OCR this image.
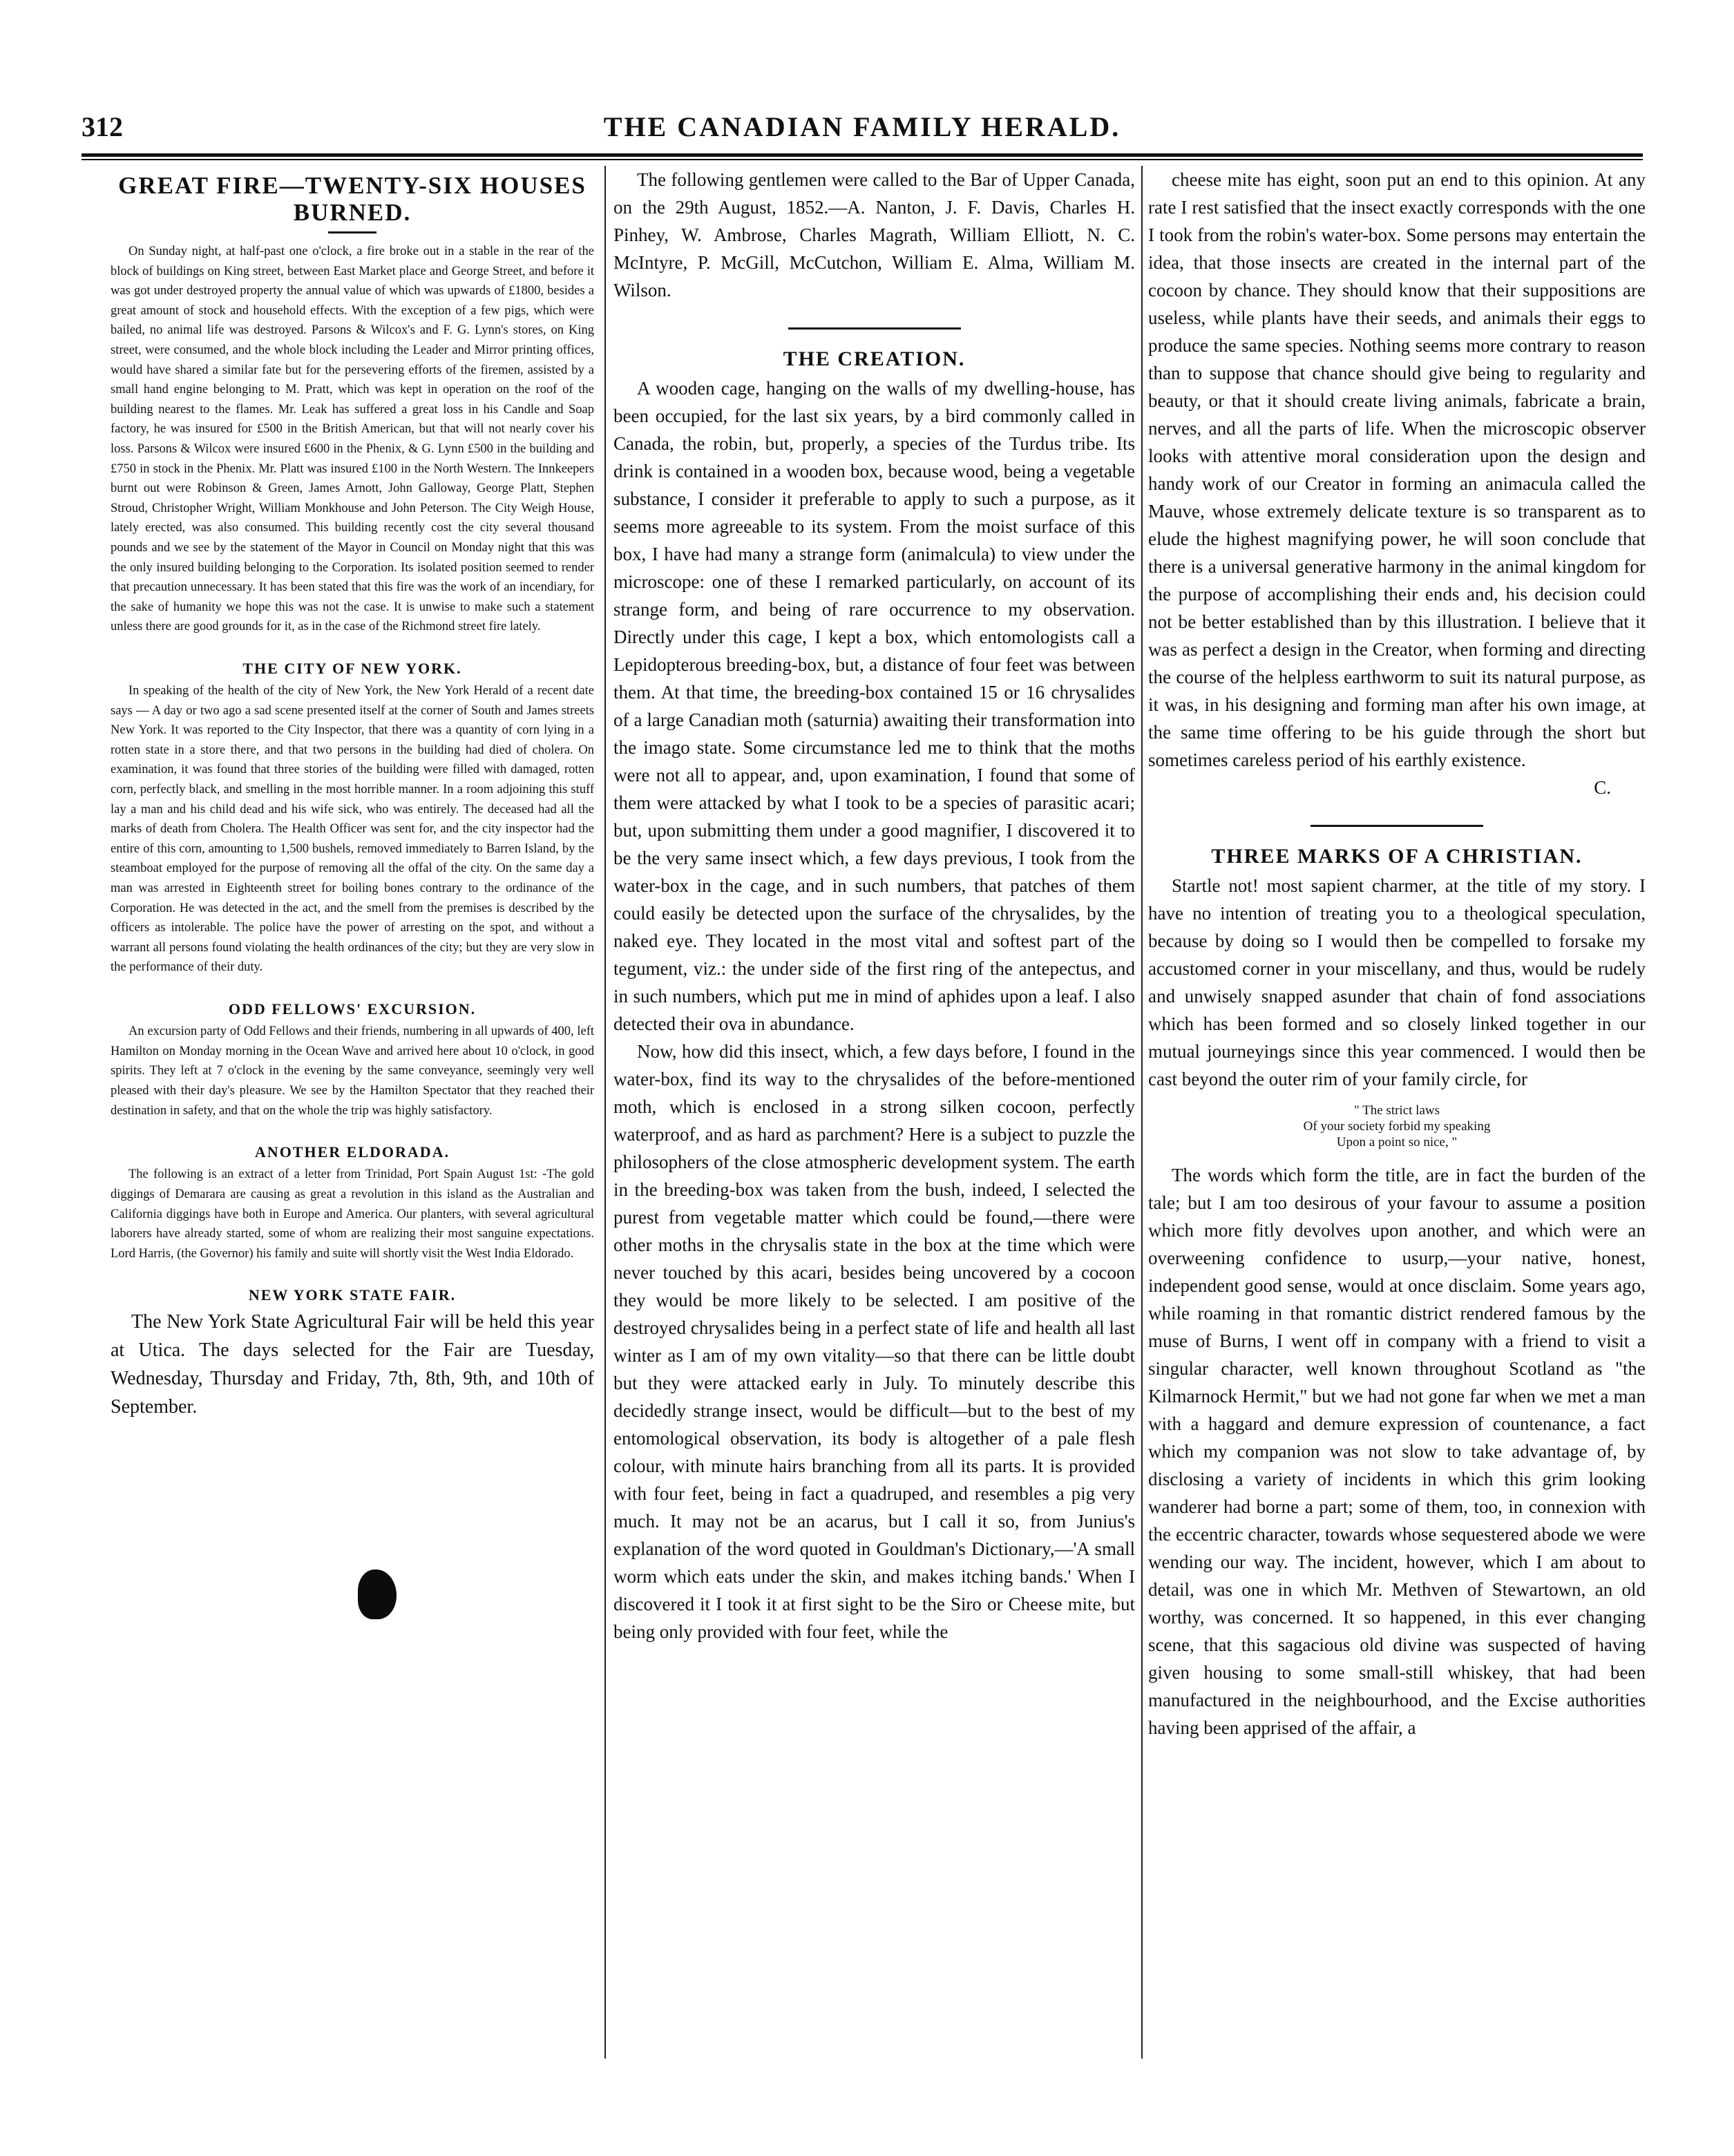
312	THE CANADIAN FAMILY HERALD.
GREAT FIRE—TWENTY-SIX HOUSES BURNED.

On Sunday night, at half-past one o'clock, a fire broke out in a stable in the rear of the block of buildings on King street, between East Market place and George Street, and before it was got under destroyed property the annual value of which was upwards of £1800, besides a great amount of stock and household effects. With the exception of a few pigs, which were bailed, no animal life was destroyed. Parsons & Wilcox's and F. G. Lynn's stores, on King street, were consumed, and the whole block including the Leader and Mirror printing offices, would have shared a similar fate but for the persevering efforts of the firemen, assisted by a small hand engine belonging to M. Pratt, which was kept in operation on the roof of the building nearest to the flames. Mr. Leak has suffered a great loss in his Candle and Soap factory, he was insured for £500 in the British American, but that will not nearly cover his loss. Parsons & Wilcox were insured £600 in the Phenix, & G. Lynn £500 in the building and £750 in stock in the Phenix. Mr. Platt was insured £100 in the North Western. The Innkeepers burnt out were Robinson & Green, James Arnott, John Galloway, George Platt, Stephen Stroud, Christopher Wright, William Monkhouse and John Peterson. The City Weigh House, lately erected, was also consumed. This building recently cost the city several thousand pounds and we see by the statement of the Mayor in Council on Monday night that this was the only insured building belonging to the Corporation. Its isolated position seemed to render that precaution unnecessary. It has been stated that this fire was the work of an incendiary, for the sake of humanity we hope this was not the case. It is unwise to make such a statement unless there are good grounds for it, as in the case of the Richmond street fire lately.

THE CITY OF NEW YORK.

In speaking of the health of the city of New York, the New York Herald of a recent date says — A day or two ago a sad scene presented itself at the corner of South and James streets New York. It was reported to the City Inspector, that there was a quantity of corn lying in a rotten state in a store there, and that two persons in the building had died of cholera. On examination, it was found that three stories of the building were filled with damaged, rotten corn, perfectly black, and smelling in the most horrible manner. In a room adjoining this stuff lay a man and his child dead and his wife sick, who was entirely. The deceased had all the marks of death from Cholera. The Health Officer was sent for, and the city inspector had the entire of this corn, amounting to 1,500 bushels, removed immediately to Barren Island, by the steamboat employed for the purpose of removing all the offal of the city. On the same day a man was arrested in Eighteenth street for boiling bones contrary to the ordinance of the Corporation. He was detected in the act, and the smell from the premises is described by the officers as intolerable. The police have the power of arresting on the spot, and without a warrant all persons found violating the health ordinances of the city; but they are very slow in the performance of their duty.

ODD FELLOWS' EXCURSION.

An excursion party of Odd Fellows and their friends, numbering in all upwards of 400, left Hamilton on Monday morning in the Ocean Wave and arrived here about 10 o'clock, in good spirits. They left at 7 o'clock in the evening by the same conveyance, seemingly very well pleased with their day's pleasure. We see by the Hamilton Spectator that they reached their destination in safety, and that on the whole the trip was highly satisfactory.

ANOTHER ELDORADA.

The following is an extract of a letter from Trinidad, Port Spain August 1st: -The gold diggings of Demarara are causing as great a revolution in this island as the Australian and California diggings have both in Europe and America. Our planters, with several agricultural laborers have already started, some of whom are realizing their most sanguine expectations. Lord Harris, (the Governor) his family and suite will shortly visit the West India Eldorado.

NEW YORK STATE FAIR.

The New York State Agricultural Fair will be held this year at Utica. The days selected for the Fair are Tuesday, Wednesday, Thursday and Friday, 7th, 8th, 9th, and 10th of September.

The following gentlemen were called to the Bar of Upper Canada, on the 29th August, 1852.—A. Nanton, J. F. Davis, Charles H. Pinhey, W. Ambrose, Charles Magrath, William Elliott, N. C. McIntyre, P. McGill, McCutchon, William E. Alma, William M. Wilson.

THE CREATION.

A wooden cage, hanging on the walls of my dwelling-house, has been occupied, for the last six years, by a bird commonly called in Canada, the robin, but, properly, a species of the Turdus tribe. Its drink is contained in a wooden box, because wood, being a vegetable substance, I consider it preferable to apply to such a purpose, as it seems more agreeable to its system. From the moist surface of this box, I have had many a strange form (animalcula) to view under the microscope: one of these I remarked particularly, on account of its strange form, and being of rare occurrence to my observation. Directly under this cage, I kept a box, which entomologists call a Lepidopterous breeding-box, but, a distance of four feet was between them. At that time, the breeding-box contained 15 or 16 chrysalides of a large Canadian moth (saturnia) awaiting their transformation into the imago state. Some circumstance led me to think that the moths were not all to appear, and, upon examination, I found that some of them were attacked by what I took to be a species of parasitic acari; but, upon submitting them under a good magnifier, I discovered it to be the very same insect which, a few days previous, I took from the water-box in the cage, and in such numbers, that patches of them could easily be detected upon the surface of the chrysalides, by the naked eye. They located in the most vital and softest part of the tegument, viz.: the under side of the first ring of the antepectus, and in such numbers, which put me in mind of aphides upon a leaf. I also detected their ova in abundance.

Now, how did this insect, which, a few days before, I found in the water-box, find its way to the chrysalides of the before-mentioned moth, which is enclosed in a strong silken cocoon, perfectly waterproof, and as hard as parchment? Here is a subject to puzzle the philosophers of the close atmospheric development system. The earth in the breeding-box was taken from the bush, indeed, I selected the purest from vegetable matter which could be found,—there were other moths in the chrysalis state in the box at the time which were never touched by this acari, besides being uncovered by a cocoon they would be more likely to be selected. I am positive of the destroyed chrysalides being in a perfect state of life and health all last winter as I am of my own vitality—so that there can be little doubt but they were attacked early in July. To minutely describe this decidedly strange insect, would be difficult—but to the best of my entomological observation, its body is altogether of a pale flesh colour, with minute hairs branching from all its parts. It is provided with four feet, being in fact a quadruped, and resembles a pig very much. It may not be an acarus, but I call it so, from Junius's explanation of the word quoted in Gouldman's Dictionary,—'A small worm which eats under the skin, and makes itching bands.' When I discovered it I took it at first sight to be the Siro or Cheese mite, but being only provided with four feet, while the

cheese mite has eight, soon put an end to this opinion. At any rate I rest satisfied that the insect exactly corresponds with the one I took from the robin's water-box. Some persons may entertain the idea, that those insects are created in the internal part of the cocoon by chance. They should know that their suppositions are useless, while plants have their seeds, and animals their eggs to produce the same species. Nothing seems more contrary to reason than to suppose that chance should give being to regularity and beauty, or that it should create living animals, fabricate a brain, nerves, and all the parts of life. When the microscopic observer looks with attentive moral consideration upon the design and handy work of our Creator in forming an animacula called the Mauve, whose extremely delicate texture is so transparent as to elude the highest magnifying power, he will soon conclude that there is a universal generative harmony in the animal kingdom for the purpose of accomplishing their ends and, his decision could not be better established than by this illustration. I believe that it was as perfect a design in the Creator, when forming and directing the course of the helpless earthworm to suit its natural purpose, as it was, in his designing and forming man after his own image, at the same time offering to be his guide through the short but sometimes careless period of his earthly existence.

C.
THREE MARKS OF A CHRISTIAN.

Startle not! most sapient charmer, at the title of my story. I have no intention of treating you to a theological speculation, because by doing so I would then be compelled to forsake my accustomed corner in your miscellany, and thus, would be rudely and unwisely snapped asunder that chain of fond associations which has been formed and so closely linked together in our mutual journeyings since this year commenced. I would then be cast beyond the outer rim of your family circle, for

" The strict laws
Of your society forbid my speaking
Upon a point so nice, "

The words which form the title, are in fact the burden of the tale; but I am too desirous of your favour to assume a position which more fitly devolves upon another, and which were an overweening confidence to usurp,—your native, honest, independent good sense, would at once disclaim. Some years ago, while roaming in that romantic district rendered famous by the muse of Burns, I went off in company with a friend to visit a singular character, well known throughout Scotland as "the Kilmarnock Hermit," but we had not gone far when we met a man with a haggard and demure expression of countenance, a fact which my companion was not slow to take advantage of, by disclosing a variety of incidents in which this grim looking wanderer had borne a part; some of them, too, in connexion with the eccentric character, towards whose sequestered abode we were wending our way. The incident, however, which I am about to detail, was one in which Mr. Methven of Stewartown, an old worthy, was concerned. It so happened, in this ever changing scene, that this sagacious old divine was suspected of having given housing to some small-still whiskey, that had been manufactured in the neighbourhood, and the Excise authorities having been apprised of the affair, a
